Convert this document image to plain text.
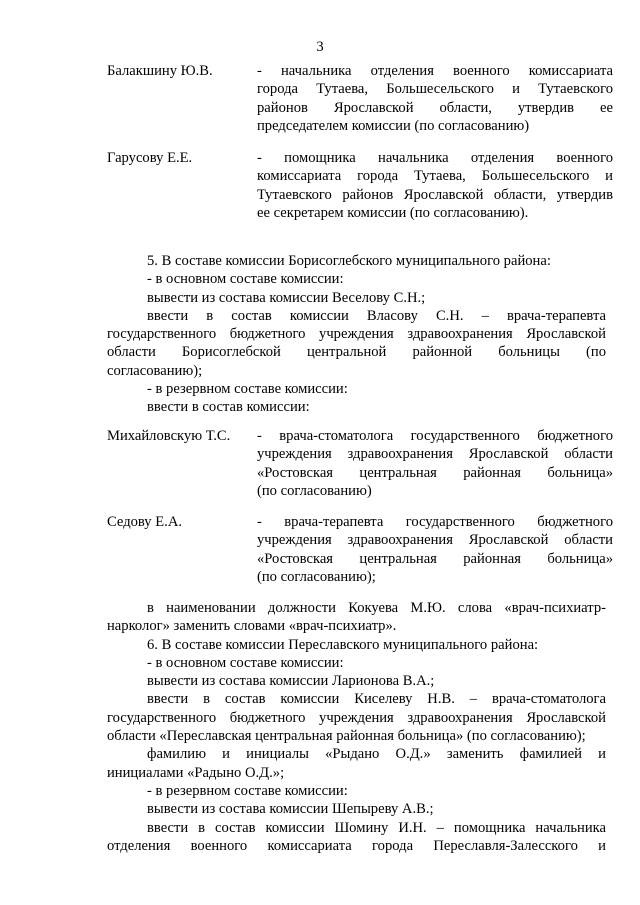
3
Балакшину Ю.В.	- начальника отделения военного комиссариата
города Тутаева, Большесельского и Тутаевского
районов Ярославской области, утвердив ее
председателем комиссии (по согласованию)
Гарусову Е.Е.	- помощника начальника отделения военного
комиссариата города Тутаева, Большесельского и
Тутаевского районов Ярославской области, утвердив
ее секретарем комиссии (по согласованию).
5. В составе комиссии Борисоглебского муниципального района:
- в основном составе комиссии:
вывести из состава комиссии Веселову С.Н.;
ввести в состав комиссии Власову С.Н. – врача-терапевта
государственного бюджетного учреждения здравоохранения Ярославской
области Борисоглебской центральной районной больницы (по
согласованию);
- в резервном составе комиссии:
ввести в состав комиссии:
Михайловскую Т.С.	- врача-стоматолога государственного бюджетного
учреждения здравоохранения Ярославской области
«Ростовская центральная районная больница»
(по согласованию)
Седову Е.А.	- врача-терапевта государственного бюджетного
учреждения здравоохранения Ярославской области
«Ростовская центральная районная больница»
(по согласованию);
в наименовании должности Кокуева М.Ю. слова «врач-психиатр-
нарколог» заменить словами «врач-психиатр».
6. В составе комиссии Переславского муниципального района:
- в основном составе комиссии:
вывести из состава комиссии Ларионова В.А.;
ввести в состав комиссии Киселеву Н.В. – врача-стоматолога
государственного бюджетного учреждения здравоохранения Ярославской
области «Переславская центральная районная больница» (по согласованию);
фамилию и инициалы «Рыдано О.Д.» заменить фамилией и
инициалами «Радыно О.Д.»;
- в резервном составе комиссии:
вывести из состава комиссии Шепыреву А.В.;
ввести в состав комиссии Шомину И.Н. – помощника начальника
отделения военного комиссариата города Переславля-Залесского и
